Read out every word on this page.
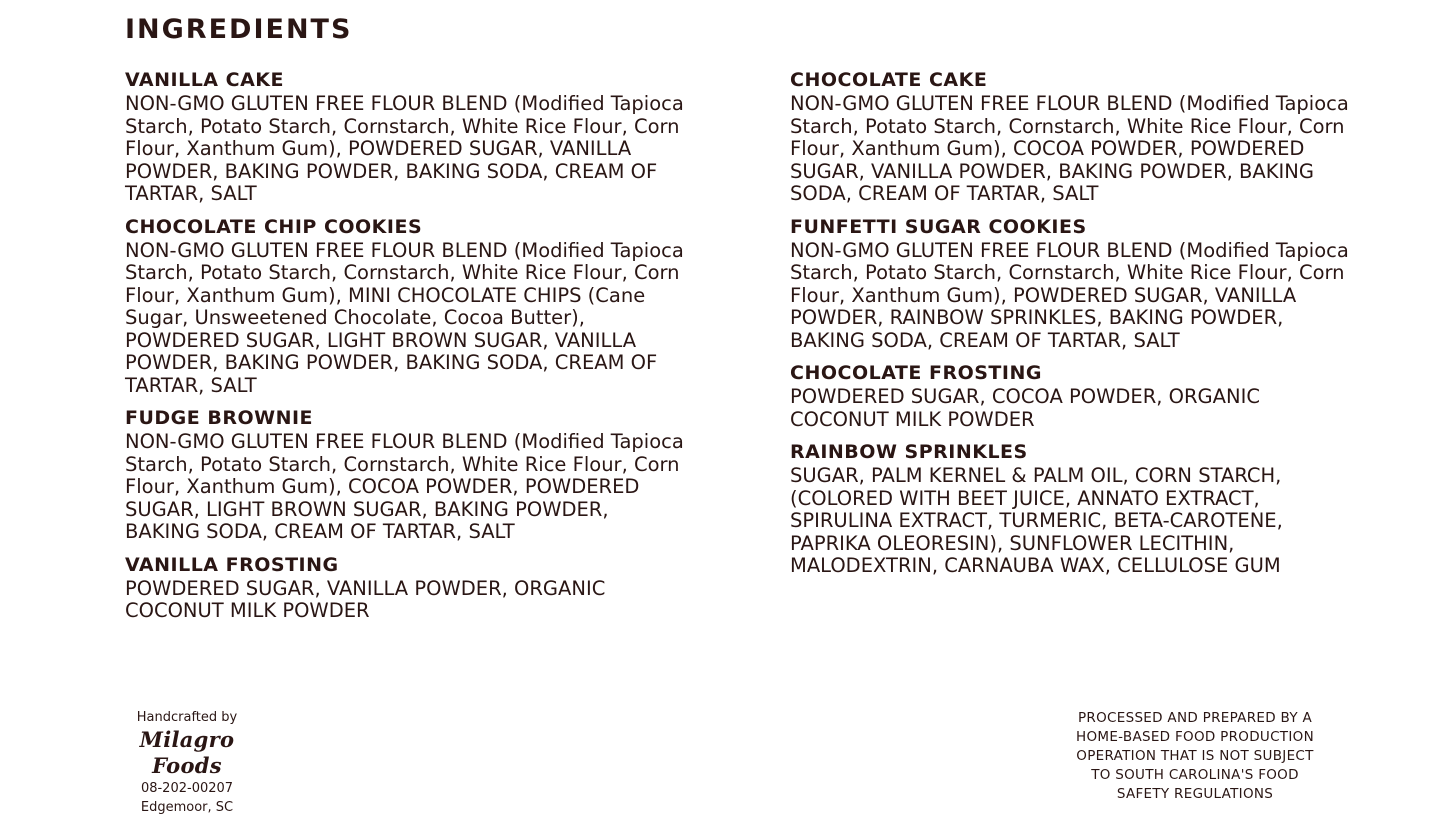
INGREDIENTS
VANILLA CAKE

NON-GMO GLUTEN FREE FLOUR BLEND (Modified Tapioca Starch, Potato Starch, Cornstarch, White Rice Flour, Corn Flour, Xanthum Gum), POWDERED SUGAR, VANILLA POWDER, BAKING POWDER, BAKING SODA, CREAM OF TARTAR, SALT

CHOCOLATE CHIP COOKIES

NON-GMO GLUTEN FREE FLOUR BLEND (Modified Tapioca Starch, Potato Starch, Cornstarch, White Rice Flour, Corn Flour, Xanthum Gum), MINI CHOCOLATE CHIPS (Cane Sugar, Unsweetened Chocolate, Cocoa Butter), POWDERED SUGAR, LIGHT BROWN SUGAR, VANILLA POWDER, BAKING POWDER, BAKING SODA, CREAM OF TARTAR, SALT

FUDGE BROWNIE

NON-GMO GLUTEN FREE FLOUR BLEND (Modified Tapioca Starch, Potato Starch, Cornstarch, White Rice Flour, Corn Flour, Xanthum Gum), COCOA POWDER, POWDERED SUGAR, LIGHT BROWN SUGAR, BAKING POWDER, BAKING SODA, CREAM OF TARTAR, SALT

VANILLA FROSTING

POWDERED SUGAR, VANILLA POWDER, ORGANIC COCONUT MILK POWDER

CHOCOLATE CAKE

NON-GMO GLUTEN FREE FLOUR BLEND (Modified Tapioca Starch, Potato Starch, Cornstarch, White Rice Flour, Corn Flour, Xanthum Gum), COCOA POWDER, POWDERED SUGAR, VANILLA POWDER, BAKING POWDER, BAKING SODA, CREAM OF TARTAR, SALT

FUNFETTI SUGAR COOKIES

NON-GMO GLUTEN FREE FLOUR BLEND (Modified Tapioca Starch, Potato Starch, Cornstarch, White Rice Flour, Corn Flour, Xanthum Gum), POWDERED SUGAR, VANILLA POWDER, RAINBOW SPRINKLES, BAKING POWDER, BAKING SODA, CREAM OF TARTAR, SALT

CHOCOLATE FROSTING

POWDERED SUGAR, COCOA POWDER, ORGANIC COCONUT MILK POWDER

RAINBOW SPRINKLES

SUGAR, PALM KERNEL & PALM OIL, CORN STARCH, (COLORED WITH BEET JUICE, ANNATO EXTRACT, SPIRULINA EXTRACT, TURMERIC, BETA-CAROTENE, PAPRIKA OLEORESIN), SUNFLOWER LECITHIN, MALODEXTRIN, CARNAUBA WAX, CELLULOSE GUM

Handcrafted by
Milagro Foods
08-202-00207
Edgemoor, SC
PROCESSED AND PREPARED BY A
HOME-BASED FOOD PRODUCTION
OPERATION THAT IS NOT SUBJECT
TO SOUTH CAROLINA'S FOOD
SAFETY REGULATIONS
